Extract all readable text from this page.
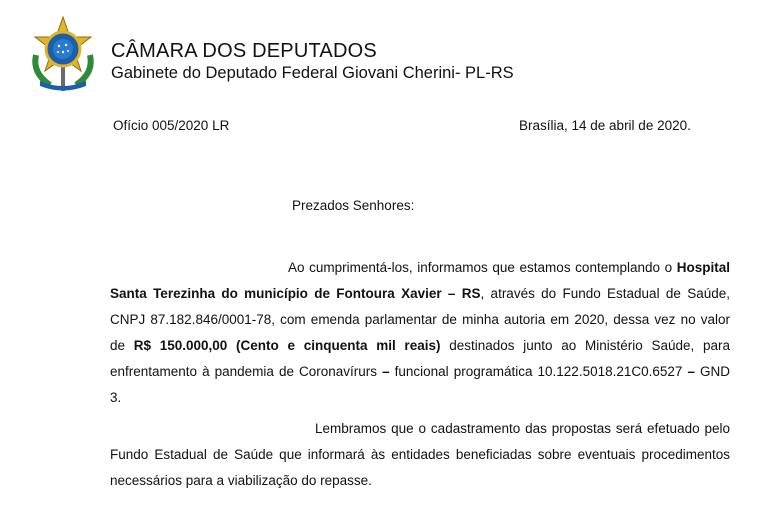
CÂMARA DOS DEPUTADOS
Gabinete do Deputado Federal Giovani Cherini- PL-RS
Ofício 005/2020 LR	Brasília, 14 de abril de 2020.
Prezados Senhores:
Ao cumprimentá-los, informamos que estamos contemplando o Hospital Santa Terezinha do município de Fontoura Xavier – RS, através do Fundo Estadual de Saúde, CNPJ 87.182.846/0001-78, com emenda parlamentar de minha autoria em 2020, dessa vez no valor de R$ 150.000,00 (Cento e cinquenta mil reais) destinados junto ao Ministério Saúde, para enfrentamento à pandemia de Coronavírurs – funcional programática 10.122.5018.21C0.6527 – GND 3.
Lembramos que o cadastramento das propostas será efetuado pelo Fundo Estadual de Saúde que informará às entidades beneficiadas sobre eventuais procedimentos necessários para a viabilização do repasse.
